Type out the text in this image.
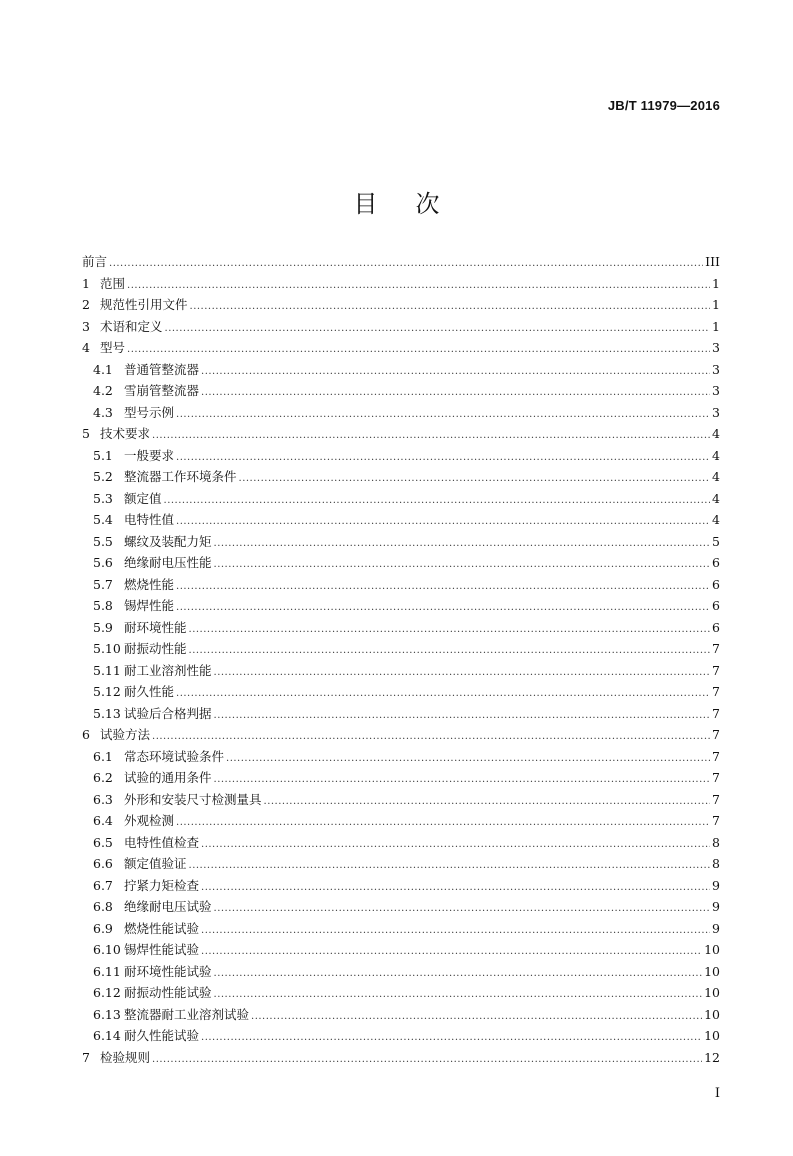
JB/T 11979—2016
目 次
前言 .....	III
1 范围 .....	1
2 规范性引用文件 .....	1
3 术语和定义 .....	1
4 型号 .....	3
4.1 普通管整流器 .....	3
4.2 雪崩管整流器 .....	3
4.3 型号示例 .....	3
5 技术要求 .....	4
5.1 一般要求 .....	4
5.2 整流器工作环境条件 .....	4
5.3 额定值 .....	4
5.4 电特性值 .....	4
5.5 螺纹及装配力矩 .....	5
5.6 绝缘耐电压性能 .....	6
5.7 燃烧性能 .....	6
5.8 锡焊性能 .....	6
5.9 耐环境性能 .....	6
5.10 耐振动性能 .....	7
5.11 耐工业溶剂性能 .....	7
5.12 耐久性能 .....	7
5.13 试验后合格判据 .....	7
6 试验方法 .....	7
6.1 常态环境试验条件 .....	7
6.2 试验的通用条件 .....	7
6.3 外形和安装尺寸检测量具 .....	7
6.4 外观检测 .....	7
6.5 电特性值检查 .....	8
6.6 额定值验证 .....	8
6.7 拧紧力矩检查 .....	9
6.8 绝缘耐电压试验 .....	9
6.9 燃烧性能试验 .....	9
6.10 锡焊性能试验 .....	10
6.11 耐环境性能试验 .....	10
6.12 耐振动性能试验 .....	10
6.13 整流器耐工业溶剂试验 .....	10
6.14 耐久性能试验 .....	10
7 检验规则 .....	12
I
